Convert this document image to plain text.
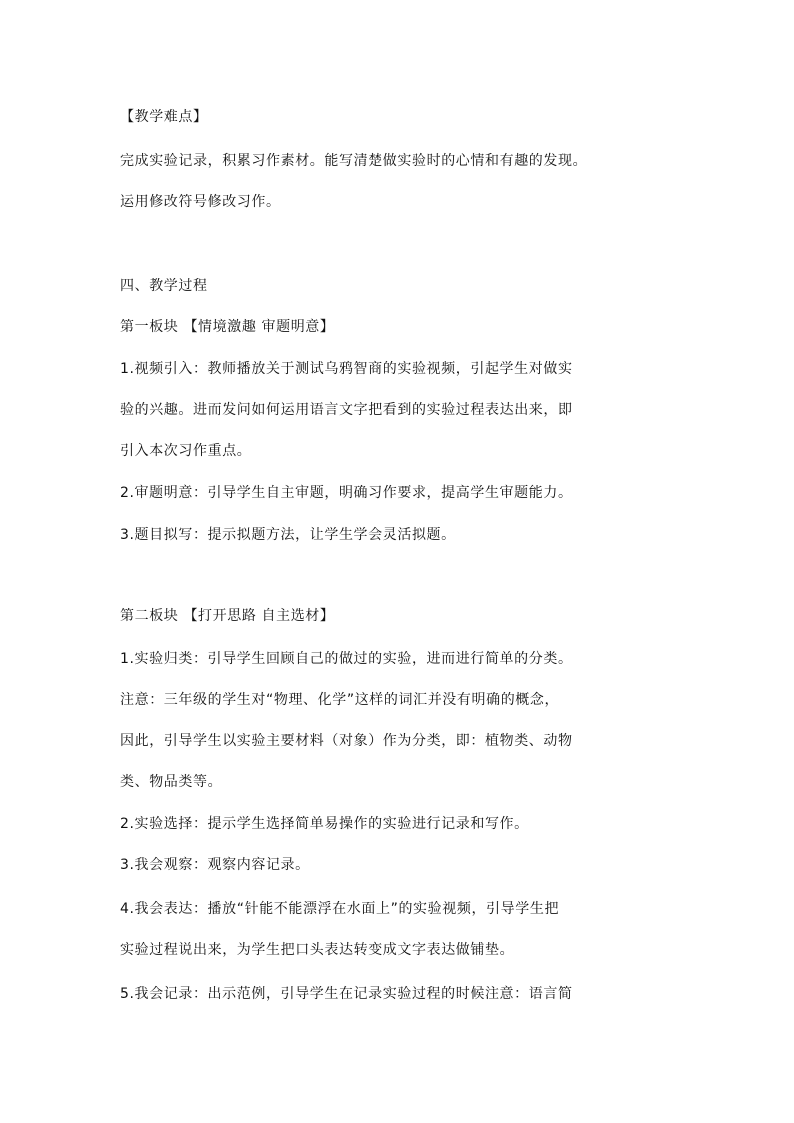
【教学难点】
完成实验记录，积累习作素材。能写清楚做实验时的心情和有趣的发现。
运用修改符号修改习作。
四、教学过程
第一板块 【情境激趣 审题明意】
1.视频引入：教师播放关于测试乌鸦智商的实验视频，引起学生对做实
验的兴趣。进而发问如何运用语言文字把看到的实验过程表达出来，即
引入本次习作重点。
2.审题明意：引导学生自主审题，明确习作要求，提高学生审题能力。
3.题目拟写：提示拟题方法，让学生学会灵活拟题。
第二板块 【打开思路 自主选材】
1.实验归类：引导学生回顾自己的做过的实验，进而进行简单的分类。
注意：三年级的学生对“物理、化学”这样的词汇并没有明确的概念，
因此，引导学生以实验主要材料（对象）作为分类，即：植物类、动物
类、物品类等。
2.实验选择：提示学生选择简单易操作的实验进行记录和写作。
3.我会观察：观察内容记录。
4.我会表达：播放“针能不能漂浮在水面上”的实验视频，引导学生把
实验过程说出来，为学生把口头表达转变成文字表达做铺垫。
5.我会记录：出示范例，引导学生在记录实验过程的时候注意：语言简
